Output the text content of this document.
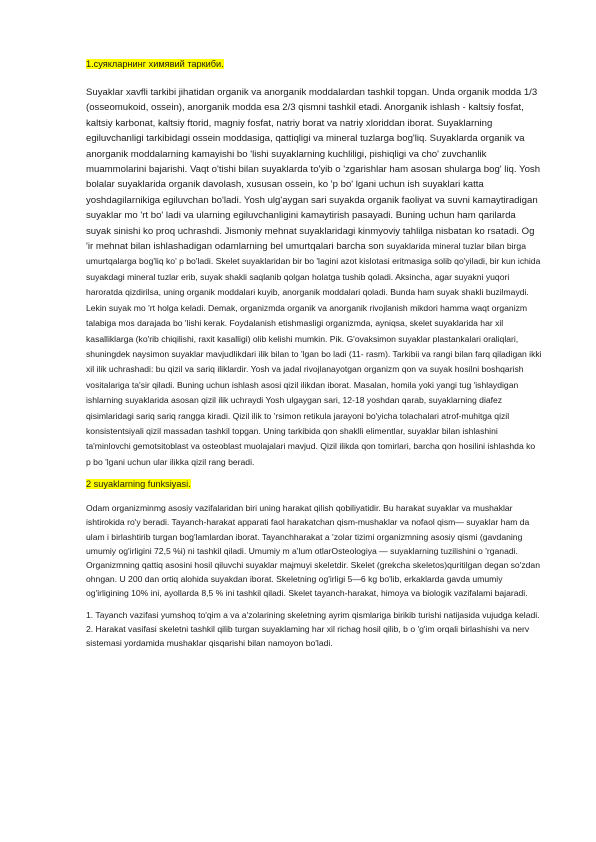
1.суякларнинг химявий таркиби.

Suyaklar xavfli tarkibi jihatidan organik va anorganik moddalardan tashkil topgan. Unda organik modda 1/3 (osseomukoid, ossein), anorganik modda esa 2/3 qismni tashkil etadi. Anorganik ishlash - kaltsiy fosfat, kaltsiy karbonat, kaltsiy ftorid, magniy fosfat, natriy borat va natriy xloriddan iborat. Suyaklarning egiluvchanligi tarkibidagi ossein moddasiga, qattiqligi va mineral tuzlarga bog'liq. Suyaklarda organik va anorganik moddalarning kamayishi bo 'lishi suyaklarning kuchliligi, pishiqligi va cho' zuvchanlik muammolarini bajarishi. Vaqt o'tishi bilan suyaklarda to'yib o 'zgarishlar ham asosan shularga bog' liq. Yosh bolalar suyaklarida organik davolash, xususan ossein, ko 'p bo' lgani uchun ish suyaklari katta yoshdagilarnikiga egiluvchan bo'ladi. Yosh ulg'aygan sari suyakda organik faoliyat va suvni kamaytiradigan suyaklar mo 'rt bo' ladi va ularning egiluvchanligini kamaytirish pasayadi. Buning uchun ham qarilarda suyak sinishi ko proq uchrashdi. Jismoniy mehnat suyaklaridagi kinmyoviy tahlilga nisbatan ko rsatadi. Og 'ir mehnat bilan ishlashadigan odamlarning bel umurtqalari barcha son suyaklarida mineral tuzlar bilan birga umurtqalarga bog'liq ko' p bo'ladi. Skelet suyaklaridan bir bo 'lagini azot kislotasi eritmasiga solib qo'yiladi, bir kun ichida suyakdagi mineral tuzlar erib, suyak shakli saqlanib qolgan holatga tushib qoladi. Aksincha, agar suyakni yuqori haroratda qizdirilsa, uning organik moddalari kuyib, anorganik moddalari qoladi. Bunda ham suyak shakli buzilmaydi. Lekin suyak mo 'rt holga keladi. Demak, organizmda organik va anorganik rivojlanish mikdori hamma waqt organizm talabiga mos darajada bo 'lishi kerak. Foydalanish etishmasligi organizmda, ayniqsa, skelet suyaklarida har xil kasalliklarga (ko'rib chiqilishi, raxit kasalligi) olib kelishi mumkin. Pik. G'ovaksimon suyaklar plastankalari oraliqlari, shuningdek naysimon suyaklar mavjudlikdari ilik bilan to 'lgan bo ladi (11- rasm). Tarkibii va rangi bilan farq qiladigan ikki xil ilik uchrashadi: bu qizil va sariq iliklardir. Yosh va jadal rivojlanayotgan organizm qon va suyak hosilni boshqarish vositalariga ta'sir qiladi. Buning uchun ishlash asosi qizil ilikdan iborat. Masalan, homila yoki yangi tug 'ishlaydigan ishlarning suyaklarida asosan qizil ilik uchraydi Yosh ulgaygan sari, 12-18 yoshdan qarab, suyaklarning diafez qisimlaridagi sariq sariq rangga kiradi. Qizil ilik to 'rsimon retikula jarayoni bo'yicha tolachalari atrof-muhitga qizil konsistentsiyali qizil massadan tashkil topgan. Uning tarkibida qon shaklli elimentlar, suyaklar bilan ishlashini ta'minlovchi gemotsitoblast va osteoblast muolajalari mavjud. Qizil ilikda qon tomirlari, barcha qon hosilini ishlashda ko p bo 'lgani uchun ular ilikka qizil rang beradi.

2 suyaklarning funksiyasi.

Odam organizminmg asosiy vazifalaridan biri uning harakat qilish qobiliyatidir. Bu harakat suyaklar va mushaklar ishtirokida ro'y beradi. Tayanch-harakat apparati faol harakatchan qism-mushaklar va nofaol qism— suyaklar ham da ulam i birlashtirib turgan bog'lamlardan iborat. Tayanchharakat a 'zolar tizimi organizmning asosiy qismi (gavdaning umumiy og'irligini 72,5 %i) ni tashkil qiladi. Umumiy m a'lum otlarOsteologiya — suyaklarning tuzilishini o 'rganadi. Organizmning qattiq asosini hosil qiluvchi suyaklar majmuyi skeletdir. Skelet (grekcha skeletos)quritilgan degan so'zdan ohngan. U 200 dan ortiq alohida suyakdan iborat. Skeletning og'irligi 5—6 kg bo'lib, erkaklarda gavda umumiy og'irligining 10% ini, ayollarda 8,5 % ini tashkil qiladi. Skelet tayanch-harakat, himoya va biologik vazifalami bajaradi.

1. Tayanch vazifasi yumshoq to'qim a va a'zolarining skeletning ayrim qismlariga birikib turishi natijasida vujudga keladi.
2. Harakat vasifasi skeletni tashkil qilib turgan suyaklaming har xil richag hosil qilib, b o 'g'im orqali birlashishi va nerv sistemasi yordamida mushaklar qisqarishi bilan namoyon bo'ladi.
